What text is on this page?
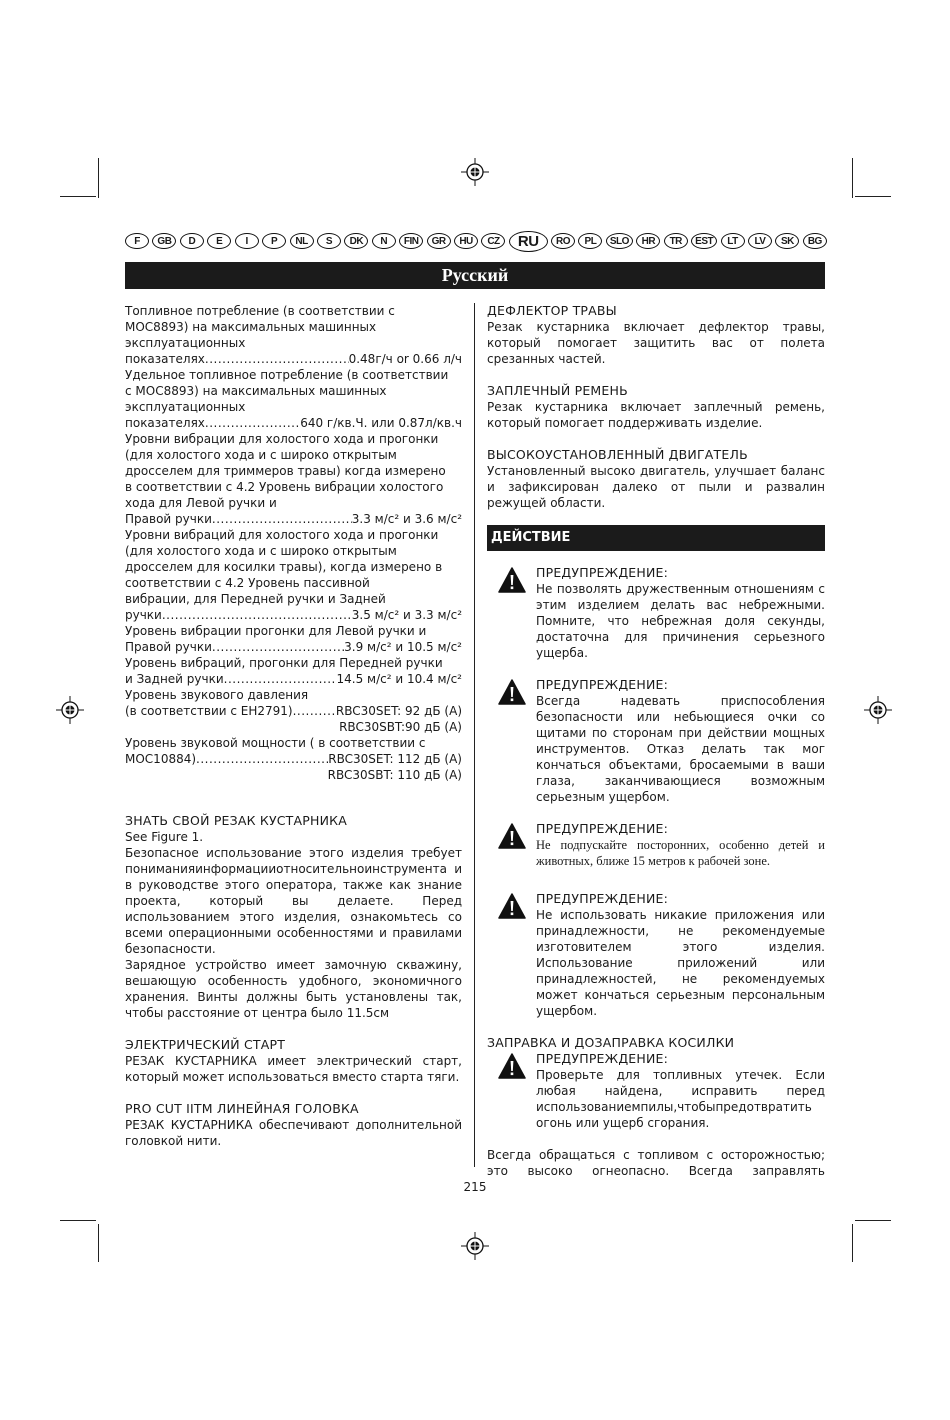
F	GB	D	E	I	P	NL	S	DK	N	FIN	GR	HU	CZ	RU	RO	PL	SLO	HR	TR	EST	LT	LV	SK	BG
Русский
Топливное потребление (в соответствии с
МОС8893) на максимальных машинных
эксплуатационных
показателях .....	0.48г/ч or 0.66 л/ч
Удельное топливное потребление (в соответствии
с МОС8893) на максимальных машинных
эксплуатационных
показателях .....	640 г/кв.Ч. или 0.87л/кв.ч
Уровни вибрации для холостого хода и прогонки
(для холостого хода и с широко открытым
дросселем для триммеров травы) когда измерено
в соответствии с 4.2 Уровень вибрации холостого
хода для Левой ручки и
Правой ручки .....	3.3 м/с² и 3.6 м/с²
Уровни вибраций для холостого хода и прогонки
(для холостого хода и с широко открытым
дросселем для косилки травы), когда измерено в
соответствии с 4.2 Уровень пассивной
вибрации, для Передней ручки и Задней
ручки .....	3.5 м/с² и 3.3 м/с²
Уровень вибрации прогонки для Левой ручки и
Правой ручки .....	3.9 м/с² и 10.5 м/с²
Уровень вибраций, прогонки для Передней ручки
и Задней ручки .....	14.5 м/с² и 10.4 м/с²
Уровень звукового давления
(в соответствии с ЕН2791) .....	RBC30SET: 92 дБ (A)
RBC30SBT:90 дБ (A)
Уровень звуковой мощности ( в соответствии с
МОС10884) .....	RBC30SET: 112 дБ (A)
RBC30SBT: 110 дБ (A)
ЗНАТЬ СВОЙ РЕЗАК КУСТАРНИКА
See Figure 1.

Безопасное использование этого изделия требует пониманияинформацииотносительноинструмента и в руководстве этого оператора, также как знание проекта, который вы делаете. Перед использованием этого изделия, ознакомьтесь со всеми операционными особенностями и правилами безопасности.

Зарядное устройство имеет замочную скважину, вешающую особенность удобного, экономичного хранения. Винты должны быть установлены так, чтобы расстояние от центра было 11.5см

ЭЛЕКТРИЧЕСКИЙ СТАРТ

РЕЗАК КУСТАРНИКА имеет электрический старт, который может использоваться вместо старта тяги.

PRO CUT IITM ЛИНЕЙНАЯ ГОЛОВКА

РЕЗАК КУСТАРНИКА обеспечивают дополнительной головкой нити.

ДЕФЛЕКТОР ТРАВЫ

Резак кустарника включает дефлектор травы, который помогает защитить вас от полета срезанных частей.

ЗАПЛЕЧНЫЙ РЕМЕНЬ

Резак кустарника включает заплечный ремень, который помогает поддерживать изделие.

ВЫСОКОУСТАНОВЛЕННЫЙ ДВИГАТЕЛЬ

Установленный высоко двигатель, улучшает баланс и зафиксирован далеко от пыли и развалин режущей области.

ДЕЙСТВИЕ
ПРЕДУПРЕЖДЕНИЕ:

Не позволять дружественным отношениям с этим изделием делать вас небрежными. Помните, что небрежная доля секунды, достаточна для причинения серьезного ущерба.

ПРЕДУПРЕЖДЕНИЕ:

Всегда надевать приспособления безопасности или небьющиеся очки со щитами по сторонам при действии мощных инструментов. Отказ делать так мог кончаться объектами, бросаемыми в ваши глаза, заканчивающиеся возможным серьезным ущербом.

ПРЕДУПРЕЖДЕНИЕ:

Не подпускайте посторонних, особенно детей и животных, ближе 15 метров к рабочей зоне.

ПРЕДУПРЕЖДЕНИЕ:

Не использовать никакие приложения или принадлежности, не рекомендуемые изготовителем этого изделия. Использование приложений или принадлежностей, не рекомендуемых может кончаться серьезным персональным ущербом.

ЗАПРАВКА И ДОЗАПРАВКА КОСИЛКИ
ПРЕДУПРЕЖДЕНИЕ:

Проверьте для топливных утечек. Если любая найдена, исправить перед использованиемпилы,чтобыпредотвратить огонь или ущерб сгорания.

Всегда обращаться с топливом с осторожностью; это высоко огнеопасно. Всегда заправлять

215
